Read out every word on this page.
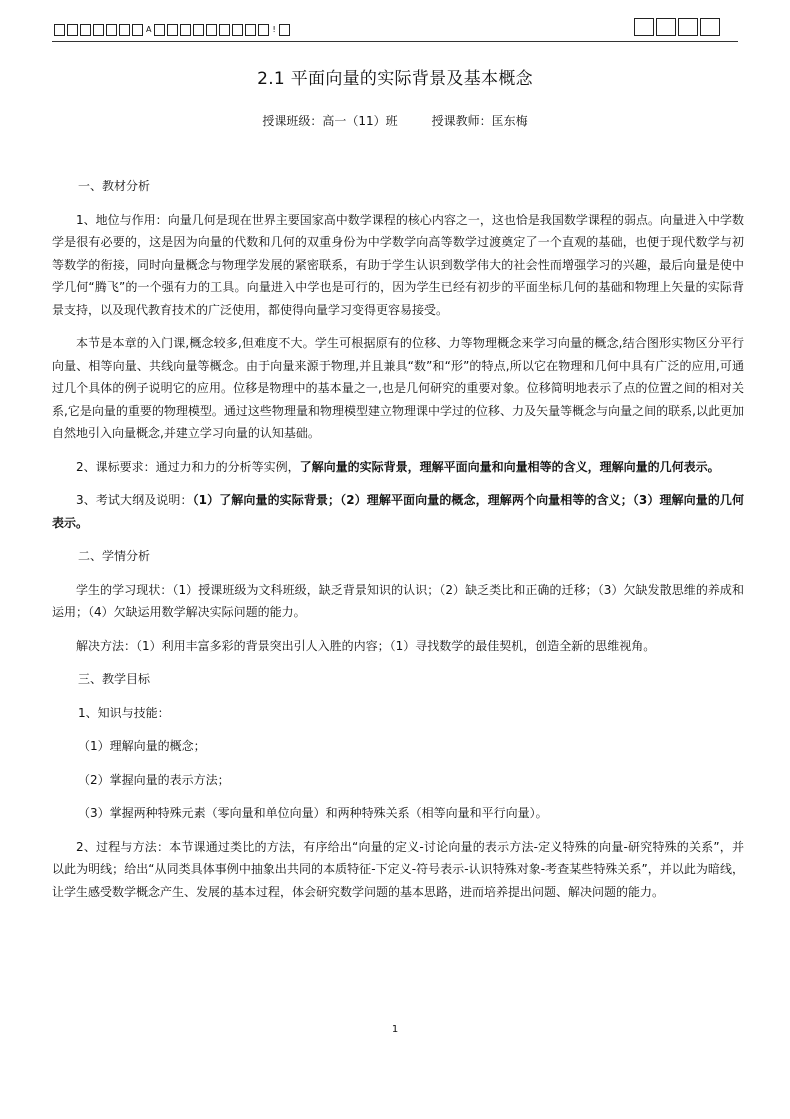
A	!
2.1 平面向量的实际背景及基本概念
授课班级：高一（11）班	授课教师：匡东梅

一、教材分析

1、地位与作用：向量几何是现在世界主要国家高中数学课程的核心内容之一，这也恰是我国数学课程的弱点。向量进入中学数学是很有必要的，这是因为向量的代数和几何的双重身份为中学数学向高等数学过渡奠定了一个直观的基础，也便于现代数学与初等数学的衔接，同时向量概念与物理学发展的紧密联系，有助于学生认识到数学伟大的社会性而增强学习的兴趣，最后向量是使中学几何“腾飞”的一个强有力的工具。向量进入中学也是可行的，因为学生已经有初步的平面坐标几何的基础和物理上矢量的实际背景支持，以及现代教育技术的广泛使用，都使得向量学习变得更容易接受。

本节是本章的入门课,概念较多,但难度不大。学生可根据原有的位移、力等物理概念来学习向量的概念,结合图形实物区分平行向量、相等向量、共线向量等概念。由于向量来源于物理,并且兼具“数”和“形”的特点,所以它在物理和几何中具有广泛的应用,可通过几个具体的例子说明它的应用。位移是物理中的基本量之一,也是几何研究的重要对象。位移简明地表示了点的位置之间的相对关系,它是向量的重要的物理模型。通过这些物理量和物理模型建立物理课中学过的位移、力及矢量等概念与向量之间的联系,以此更加自然地引入向量概念,并建立学习向量的认知基础。

2、课标要求：通过力和力的分析等实例，了解向量的实际背景，理解平面向量和向量相等的含义，理解向量的几何表示。

3、考试大纲及说明：（1）了解向量的实际背景；（2）理解平面向量的概念，理解两个向量相等的含义；（3）理解向量的几何表示。

二、学情分析

学生的学习现状：（1）授课班级为文科班级，缺乏背景知识的认识；（2）缺乏类比和正确的迁移；（3）欠缺发散思维的养成和运用；（4）欠缺运用数学解决实际问题的能力。

解决方法：（1）利用丰富多彩的背景突出引人入胜的内容；（1）寻找数学的最佳契机，创造全新的思维视角。

三、教学目标

1、知识与技能：

（1）理解向量的概念；

（2）掌握向量的表示方法；

（3）掌握两种特殊元素（零向量和单位向量）和两种特殊关系（相等向量和平行向量）。

2、过程与方法：本节课通过类比的方法，有序给出“向量的定义-讨论向量的表示方法-定义特殊的向量-研究特殊的关系”，并以此为明线；给出“从同类具体事例中抽象出共同的本质特征-下定义-符号表示-认识特殊对象-考查某些特殊关系”，并以此为暗线，让学生感受数学概念产生、发展的基本过程，体会研究数学问题的基本思路，进而培养提出问题、解决问题的能力。

1
